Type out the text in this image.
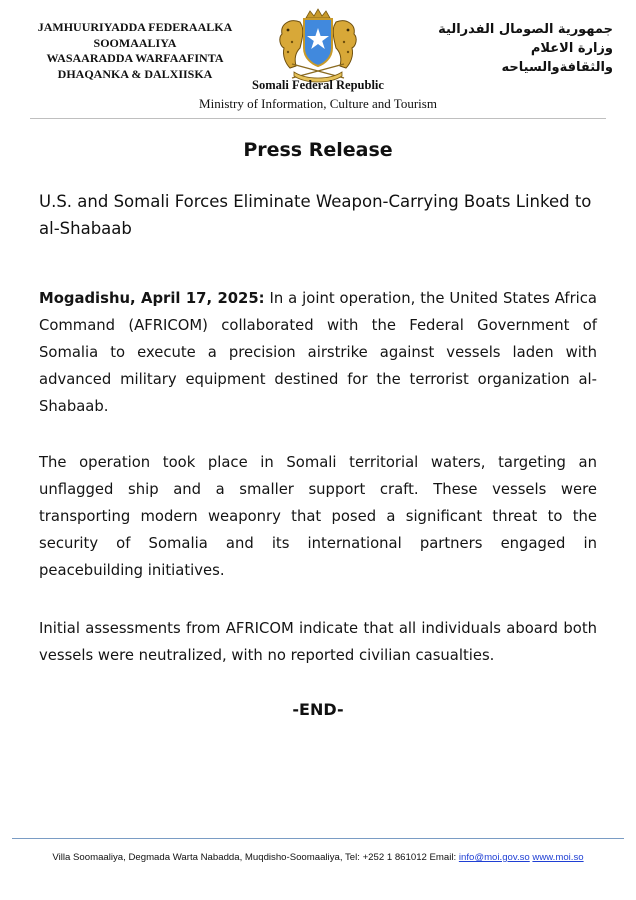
JAMHUURIYADDA FEDERAALKA
SOOMAALIYA
WASAARADDA WARFAAFINTA
DHAQANKA & DALXIISKA
جمهورية الصومال الفدرالية
وزارة الاعلام
والثقافةوالسياحه
Somali Federal Republic
Ministry of Information, Culture and Tourism
Press Release
U.S. and Somali Forces Eliminate Weapon-Carrying Boats Linked to al-Shabaab
Mogadishu, April 17, 2025: In a joint operation, the United States Africa Command (AFRICOM) collaborated with the Federal Government of Somalia to execute a precision airstrike against vessels laden with advanced military equipment destined for the terrorist organization al-Shabaab.
The operation took place in Somali territorial waters, targeting an unflagged ship and a smaller support craft. These vessels were transporting modern weaponry that posed a significant threat to the security of Somalia and its international partners engaged in peacebuilding initiatives.
Initial assessments from AFRICOM indicate that all individuals aboard both vessels were neutralized, with no reported civilian casualties.
-END-
Villa Soomaaliya, Degmada Warta Nabadda, Muqdisho-Soomaaliya, Tel: +252 1 861012 Email: info@moi.gov.so www.moi.so
